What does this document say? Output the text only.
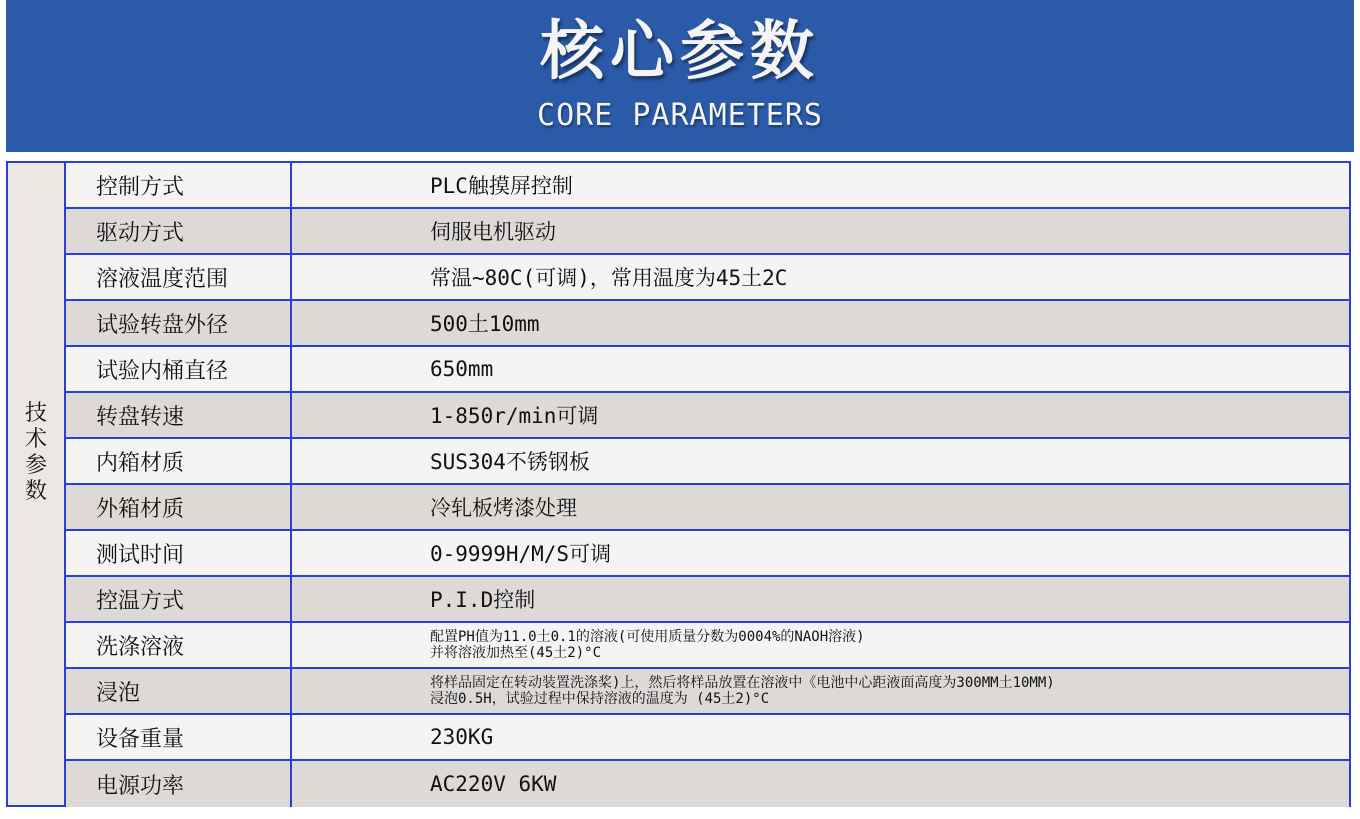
核心参数
CORE PARAMETERS
技
术
参
数
控制方式	PLC触摸屏控制
驱动方式	伺服电机驱动
溶液温度范围	常温~80C(可调)，常用温度为45土2C
试验转盘外径	500土10mm
试验内桶直径	650mm
转盘转速	1-850r/min可调
内箱材质	SUS304不锈钢板
外箱材质	冷轧板烤漆处理
测试时间	0-9999H/M/S可调
控温方式	P.I.D控制
洗涤溶液	配置PH值为11.0土0.1的溶液(可使用质量分数为0004%的NAOH溶液)
并将溶液加热至(45土2)°C
浸泡	将样品固定在转动装置洗涤桨)上，然后将样品放置在溶液中《电池中心距液面高度为300MM土10MM)
浸泡0.5H，试验过程中保持溶液的温度为 (45土2)°C
设备重量	230KG
电源功率	AC220V 6KW
